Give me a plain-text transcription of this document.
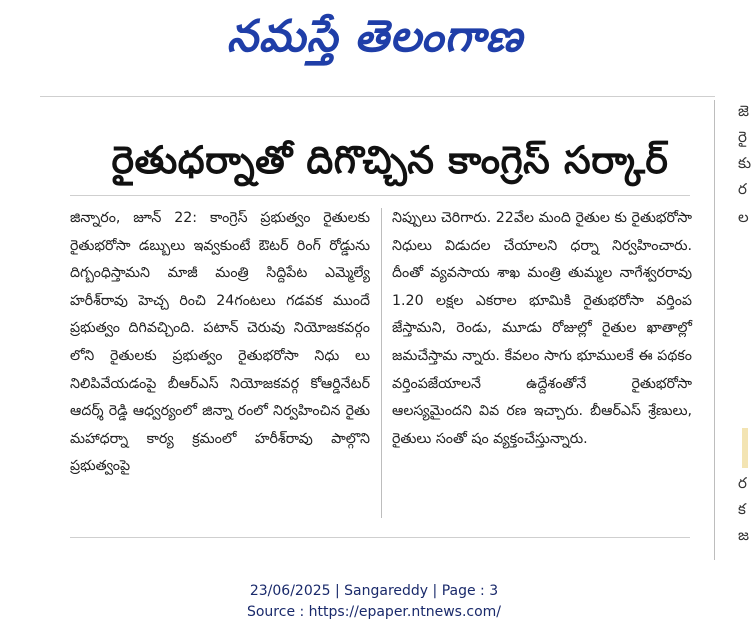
నమస్తే తెలంగాణ
జె
రై
కు
ర
ల
రైతుధర్నాతో దిగొచ్చిన కాంగ్రెస్ సర్కార్
జిన్నారం, జూన్ 22: కాంగ్రెస్ ప్రభుత్వం రైతులకు రైతుభరోసా డబ్బులు ఇవ్వకుంటే ఔటర్ రింగ్ రోడ్డును దిగ్బంధిస్తామని మాజీ మంత్రి సిద్దిపేట ఎమ్మెల్యే హరీశ్‌రావు హెచ్చ రించి 24గంటలు గడవక ముందే ప్రభుత్వం దిగివచ్చింది. పటాన్ చెరువు నియోజకవర్గం లోని రైతులకు ప్రభుత్వం రైతుభరోసా నిధు లు నిలిపివేయడంపై బీఆర్ఎస్ నియోజకవర్గ కోఆర్డినేటర్ ఆదర్శ్ రెడ్డి ఆధ్వర్యంలో జిన్నా రంలో నిర్వహించిన రైతు మహాధర్నా కార్య క్రమంలో హరీశ్‌రావు పాల్గొని ప్రభుత్వంపై
నిప్పులు చెరిగారు. 22వేల మంది రైతుల కు రైతుభరోసా నిధులు విడుదల చేయాలని ధర్నా నిర్వహించారు. దీంతో వ్యవసాయ శాఖ మంత్రి తుమ్మల నాగేశ్వరరావు 1.20 లక్షల ఎకరాల భూమికి రైతుభరోసా వర్తింప జేస్తామని, రెండు, మూడు రోజుల్లో రైతుల ఖాతాల్లో జమచేస్తామ న్నారు. కేవలం సాగు భూములకే ఈ పథకం వర్తింపజేయాలనే ఉద్దేశంతోనే రైతుభరోసా ఆలస్యమైందని వివ రణ ఇచ్చారు. బీఆర్ఎస్ శ్రేణులు, రైతులు సంతో షం వ్యక్తంచేస్తున్నారు.
ర
క
జ
23/06/2025 | Sangareddy | Page : 3
Source : https://epaper.ntnews.com/
